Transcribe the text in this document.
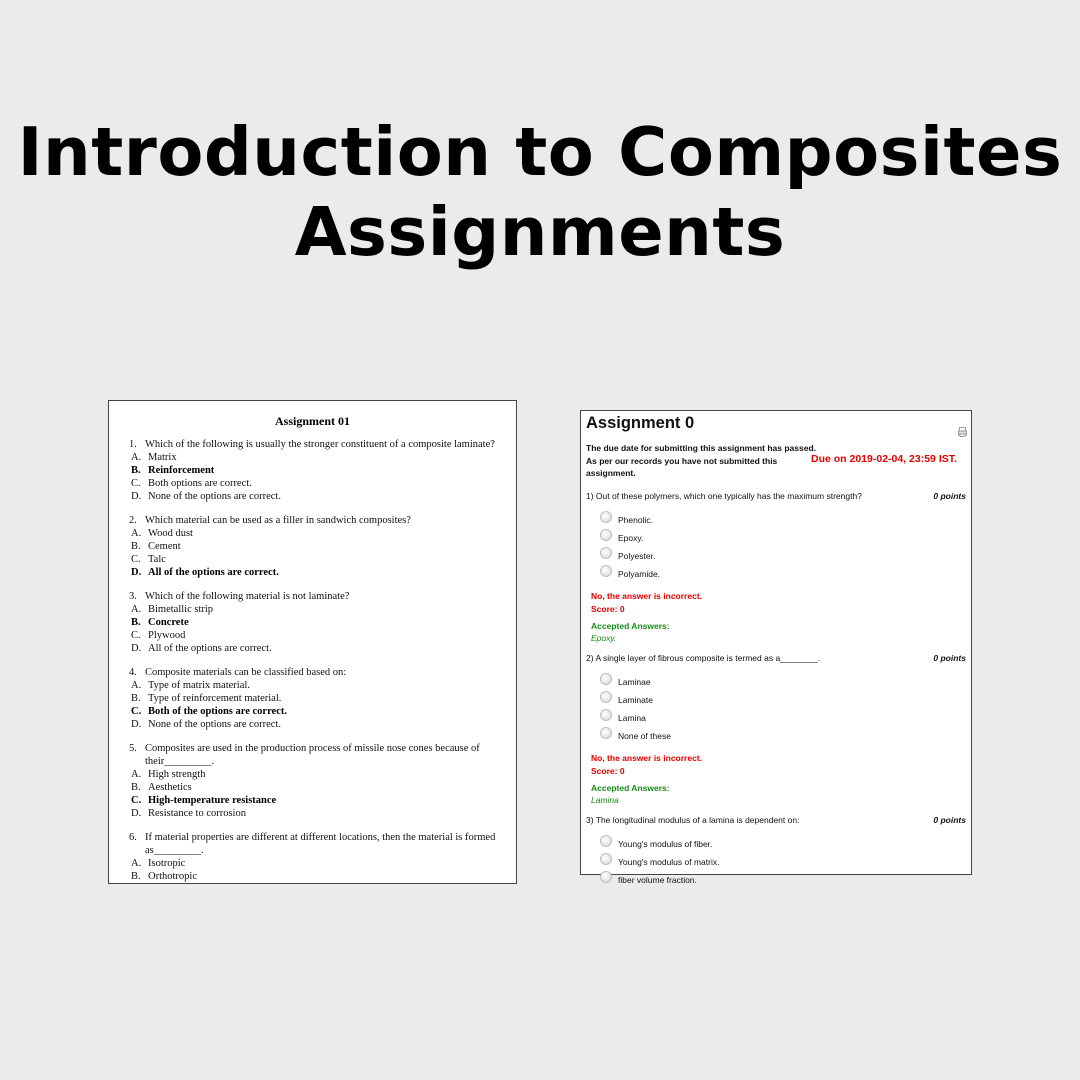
Introduction to Composites
Assignments
Assignment 01
1. Which of the following is usually the stronger constituent of a composite laminate?
A. Matrix
B. Reinforcement
C. Both options are correct.
D. None of the options are correct.
2. Which material can be used as a filler in sandwich composites?
A. Wood dust
B. Cement
C. Talc
D. All of the options are correct.
3. Which of the following material is not laminate?
A. Bimetallic strip
B. Concrete
C. Plywood
D. All of the options are correct.
4. Composite materials can be classified based on:
A. Type of matrix material.
B. Type of reinforcement material.
C. Both of the options are correct.
D. None of the options are correct.
5. Composites are used in the production process of missile nose cones because of their_________.
A. High strength
B. Aesthetics
C. High-temperature resistance
D. Resistance to corrosion
6. If material properties are different at different locations, then the material is formed as_________.
A. Isotropic
B. Orthotropic
Assignment 0
The due date for submitting this assignment has passed.
As per our records you have not submitted this assignment.
Due on 2019-02-04, 23:59 IST.
1) Out of these polymers, which one typically has the maximum strength?	0 points
Phenolic.
Epoxy.
Polyester.
Polyamide.
No, the answer is incorrect.
Score: 0
Accepted Answers:
Epoxy.
2) A single layer of fibrous composite is termed as a________.	0 points
Laminae
Laminate
Lamina
None of these
No, the answer is incorrect.
Score: 0
Accepted Answers:
Lamina
3) The longitudinal modulus of a lamina is dependent on:	0 points
Young's modulus of fiber.
Young's modulus of matrix.
fiber volume fraction.
